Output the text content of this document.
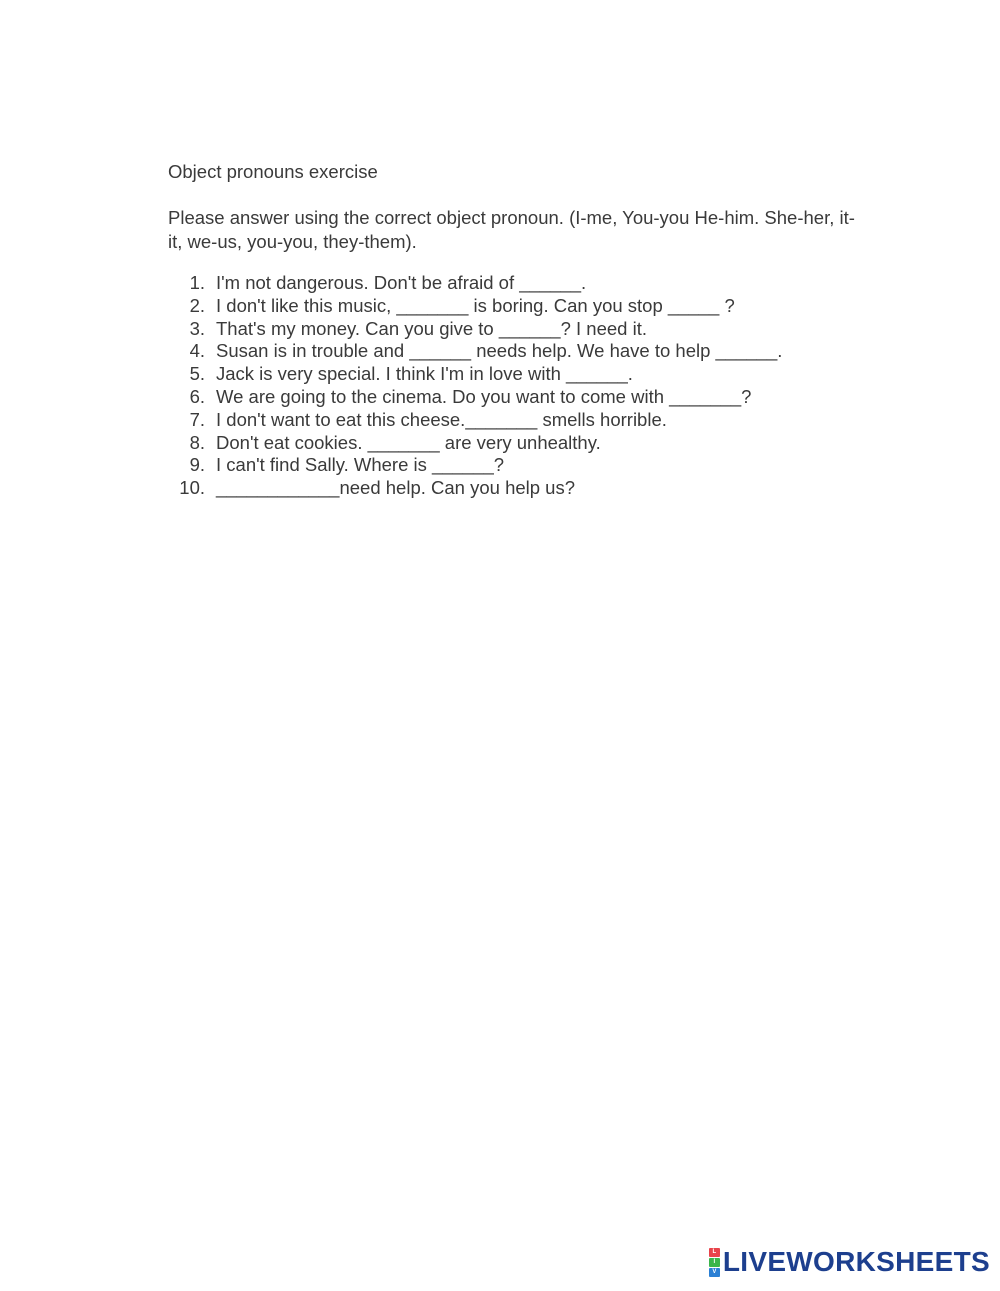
Object pronouns exercise

Please answer using the correct object pronoun. (I-me, You-you He-him. She-her, it-it, we-us, you-you, they-them).

1. I'm not dangerous. Don't be afraid of ______.
2. I don't like this music, _______ is boring. Can you stop _____ ?
3. That's my money. Can you give to ______? I need it.
4. Susan is in trouble and ______ needs help. We have to help ______.
5. Jack is very special. I think I'm in love with ______.
6. We are going to the cinema. Do you want to come with _______?
7. I don't want to eat this cheese._______ smells horrible.
8. Don't eat cookies. _______ are very unhealthy.
9. I can't find Sally. Where is ______?
10. ____________need help. Can you help us?
L
I
V LIVEWORKSHEETS
